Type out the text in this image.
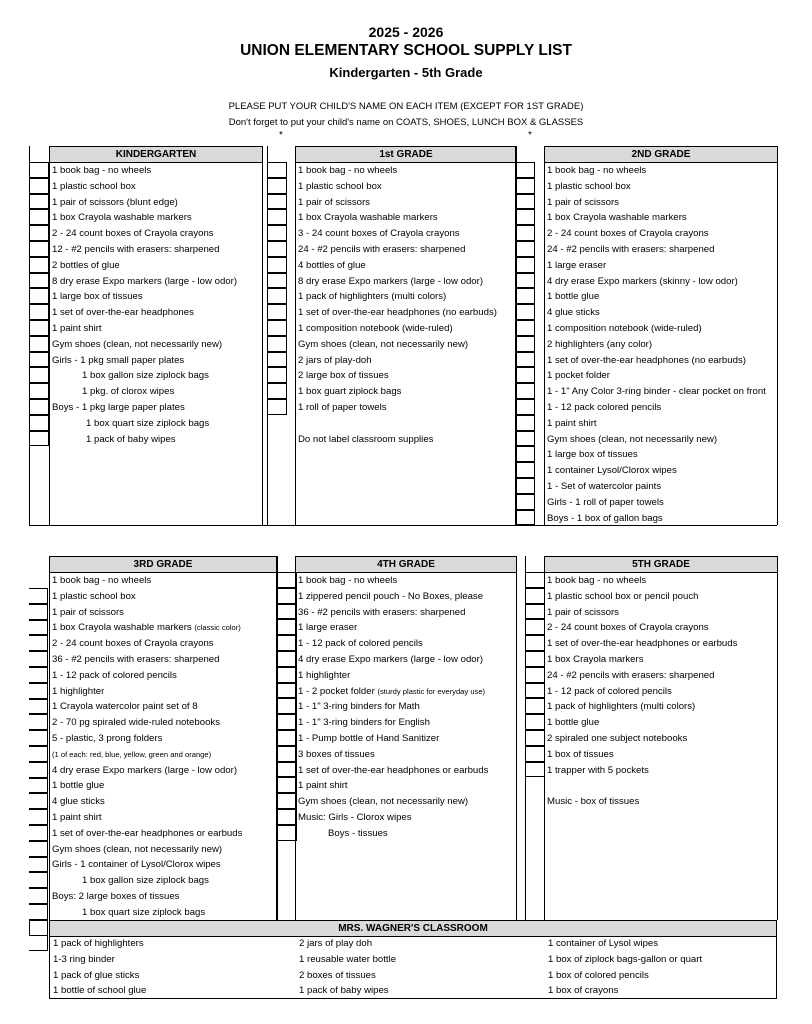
2025 - 2026
UNION ELEMENTARY SCHOOL SUPPLY LIST
Kindergarten - 5th Grade
PLEASE PUT YOUR CHILD'S NAME ON EACH ITEM (EXCEPT FOR 1ST GRADE)
Don't forget to put your child's name on COATS, SHOES, LUNCH BOX & GLASSES
*	*
KINDERGARTEN
1 book bag - no wheels
1 plastic school box
1 pair of scissors (blunt edge)
1 box Crayola washable markers
2 - 24 count boxes of Crayola crayons
12 - #2 pencils with erasers: sharpened
2 bottles of glue
8 dry erase Expo markers (large - low odor)
1 large box of tissues
1 set of over-the-ear headphones
1 paint shirt
Gym shoes (clean, not necessarily new)
Girls - 1 pkg small paper plates
1 box gallon size ziplock bags
1 pkg. of clorox wipes
Boys - 1 pkg large paper plates
1 box quart size ziplock bags
1 pack of baby wipes
1st GRADE
1 book bag - no wheels
1 plastic school box
1 pair of scissors
1 box Crayola washable markers
3 - 24 count boxes of Crayola crayons
24 - #2 pencils with erasers: sharpened
4 bottles of glue
8 dry erase Expo markers (large - low odor)
1 pack of highlighters (multi colors)
1 set of over-the-ear headphones (no earbuds)
1 composition notebook (wide-ruled)
Gym shoes (clean, not necessarily new)
2 jars of play-doh
2 large box of tissues
1 box guart ziplock bags
1 roll of paper towels
Do not label classroom supplies
2ND GRADE
1 book bag - no wheels
1 plastic school box
1 pair of scissors
1 box Crayola washable markers
2 - 24 count boxes of Crayola crayons
24 - #2 pencils with erasers: sharpened
1 large eraser
4 dry erase Expo markers (skinny - low odor)
1 bottle glue
4 glue sticks
1 composition notebook (wide-ruled)
2 highlighters (any color)
1 set of over-the-ear headphones (no earbuds)
1 pocket folder
1 - 1" Any Color 3-ring binder - clear pocket on front
1 - 12 pack colored pencils
1 paint shirt
Gym shoes (clean, not necessarily new)
1 large box of tissues
1 container Lysol/Clorox wipes
1 - Set of watercolor paints
Girls - 1 roll of paper towels
Boys - 1 box of gallon bags
3RD GRADE
1 book bag - no wheels
1 plastic school box
1 pair of scissors
1 box Crayola washable markers (classic color)
2 - 24 count boxes of Crayola crayons
36 - #2 pencils with erasers: sharpened
1 - 12 pack of colored pencils
1 highlighter
1 Crayola watercolor paint set of 8
2 - 70 pg spiraled wide-ruled notebooks
5 - plastic, 3 prong folders
(1 of each: red, blue, yellow, green and orange)
4 dry erase Expo markers (large - low odor)
1 bottle glue
4 glue sticks
1 paint shirt
1 set of over-the-ear headphones or earbuds
Gym shoes (clean, not necessarily new)
Girls - 1 container of Lysol/Clorox wipes
1 box gallon size ziplock bags
Boys: 2 large boxes of tissues
1 box quart size ziplock bags
4TH GRADE
1 book bag - no wheels
1 zippered pencil pouch - No Boxes, please
36 - #2 pencils with erasers: sharpened
1 large eraser
1 - 12 pack of colored pencils
4 dry erase Expo markers (large - low odor)
1 highlighter
1 - 2 pocket folder (sturdy plastic for everyday use)
1 - 1" 3-ring binders for Math
1 - 1" 3-ring binders for English
1 - Pump bottle of Hand Sanitizer
3 boxes of tissues
1 set of over-the-ear headphones or earbuds
1 paint shirt
Gym shoes (clean, not necessarily new)
Music: Girls - Clorox wipes
Boys - tissues
5TH GRADE
1 book bag - no wheels
1 plastic school box or pencil pouch
1 pair of scissors
2 - 24 count boxes of Crayola crayons
1 set of over-the-ear headphones or earbuds
1 box Crayola markers
24 - #2 pencils with erasers: sharpened
1 - 12 pack of colored pencils
1 pack of highlighters (multi colors)
1 bottle glue
2 spiraled one subject notebooks
1 box of tissues
1 trapper with 5 pockets
Music - box of tissues
MRS. WAGNER'S CLASSROOM
1 pack of highlighters
1-3 ring binder
1 pack of glue sticks
1 bottle of school glue
2 jars of play doh
1 reusable water bottle
2 boxes of tissues
1 pack of baby wipes
1 container of Lysol wipes
1 box of ziplock bags-gallon or quart
1 box of colored pencils
1 box of crayons
